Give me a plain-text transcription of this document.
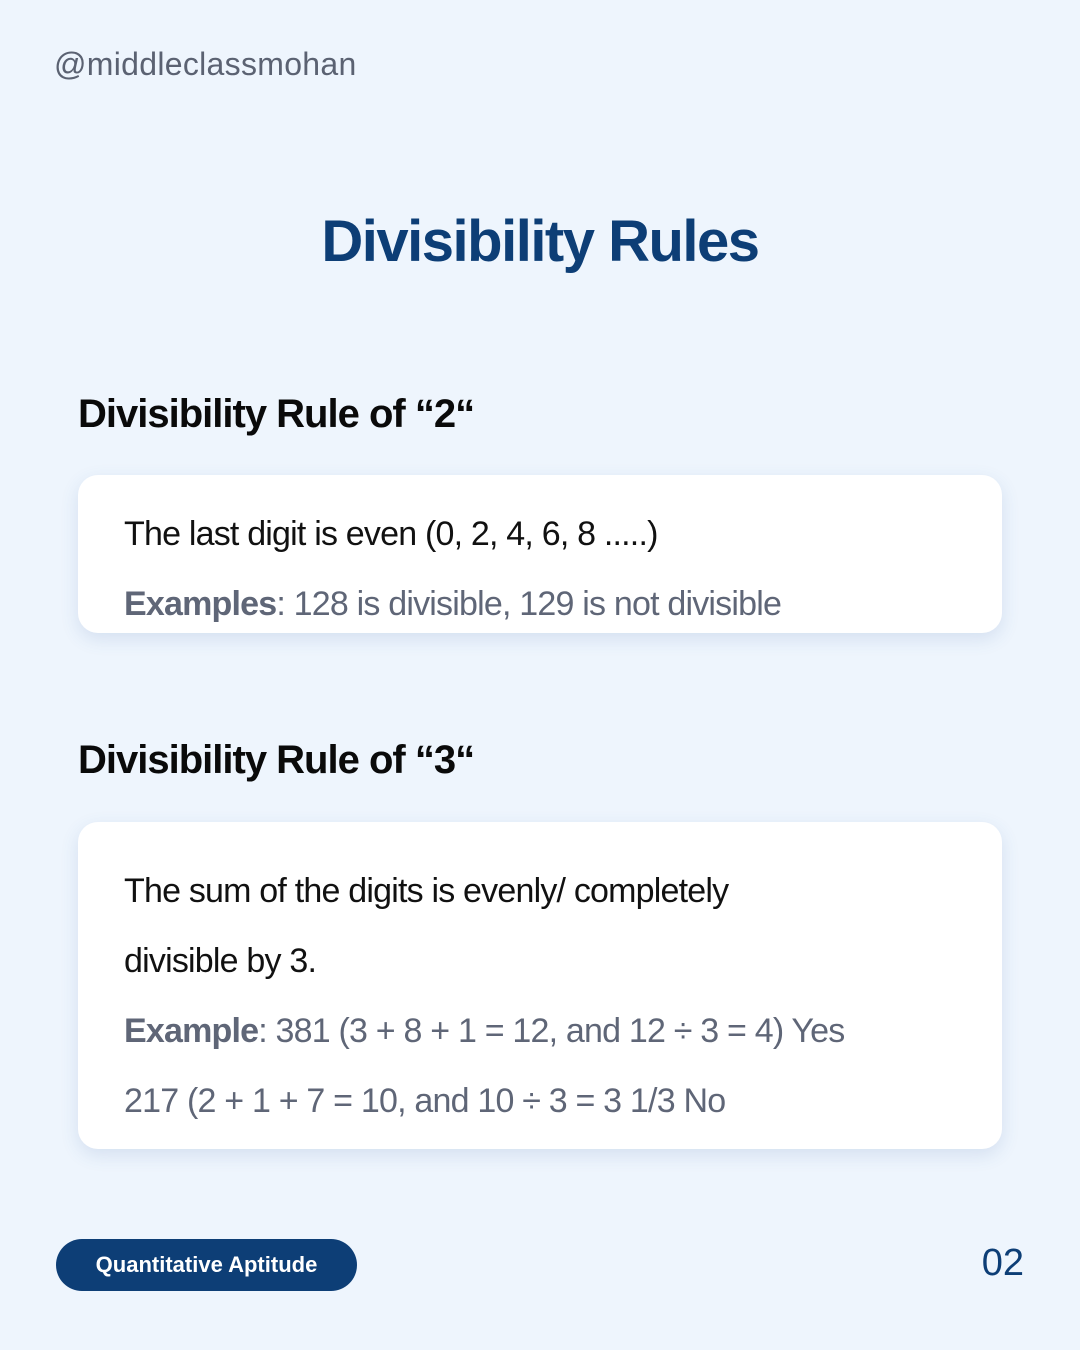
@middleclassmohan
Divisibility Rules
Divisibility Rule of “2“
The last digit is even (0, 2, 4, 6, 8 .....)
Examples: 128 is divisible, 129 is not divisible
Divisibility Rule of “3“
The sum of the digits is evenly/ completely
divisible by 3.
Example: 381 (3 + 8 + 1 = 12, and 12 ÷ 3 = 4) Yes
217 (2 + 1 + 7 = 10, and 10 ÷ 3 = 3 1/3 No
Quantitative Aptitude	02
